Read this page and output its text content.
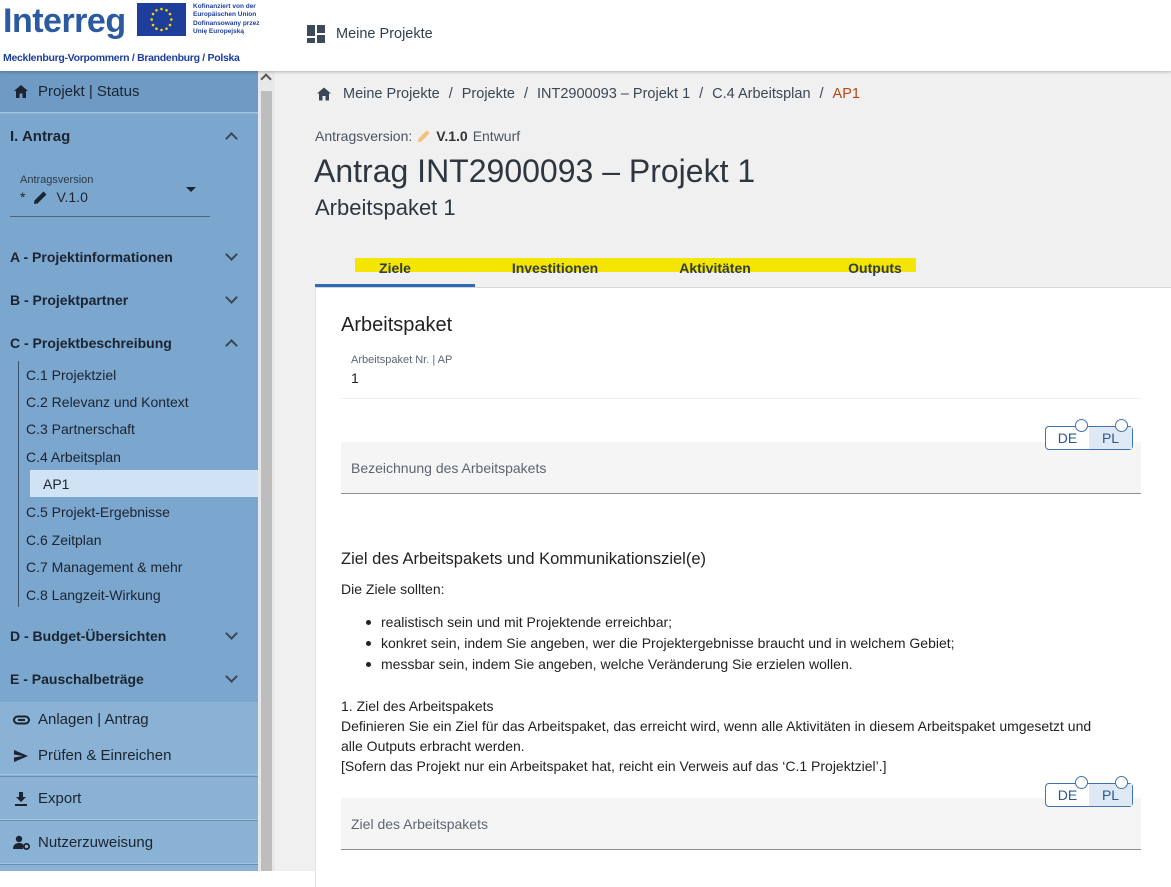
Interreg	Kofinanziert von der
Europäischen Union
Dofinansowany przez
Unię Europejską
Mecklenburg-Vorpommern / Brandenburg / Polska
Meine Projekte
Projekt | Status
I. Antrag
Antragsversion
* V.1.0
A - Projektinformationen
B - Projektpartner
C - Projektbeschreibung
C.1 Projektziel
C.2 Relevanz und Kontext
C.3 Partnerschaft
C.4 Arbeitsplan
AP1
C.5 Projekt-Ergebnisse
C.6 Zeitplan
C.7 Management & mehr
C.8 Langzeit-Wirkung
D - Budget-Übersichten
E - Pauschalbeträge
Anlagen | Antrag
Prüfen & Einreichen
Export
Nutzerzuweisung
Meine Projekte / Projekte / INT2900093 – Projekt 1 / C.4 Arbeitsplan / AP1
Antragsversion: V.1.0 Entwurf
Antrag INT2900093 – Projekt 1
Arbeitspaket 1
Ziele	Investitionen	Aktivitäten	Outputs
Arbeitspaket
Arbeitspaket Nr. | AP
1
Bezeichnung des Arbeitspakets
DE	PL
Ziel des Arbeitspakets und Kommunikationsziel(e)
Die Ziele sollten:
realistisch sein und mit Projektende erreichbar;
konkret sein, indem Sie angeben, wer die Projektergebnisse braucht und in welchem Gebiet;
messbar sein, indem Sie angeben, welche Veränderung Sie erzielen wollen.
1. Ziel des Arbeitspakets
Definieren Sie ein Ziel für das Arbeitspaket, das erreicht wird, wenn alle Aktivitäten in diesem Arbeitspaket umgesetzt und
alle Outputs erbracht werden.
[Sofern das Projekt nur ein Arbeitspaket hat, reicht ein Verweis auf das ‘C.1 Projektziel’.]
Ziel des Arbeitspakets
DE	PL
